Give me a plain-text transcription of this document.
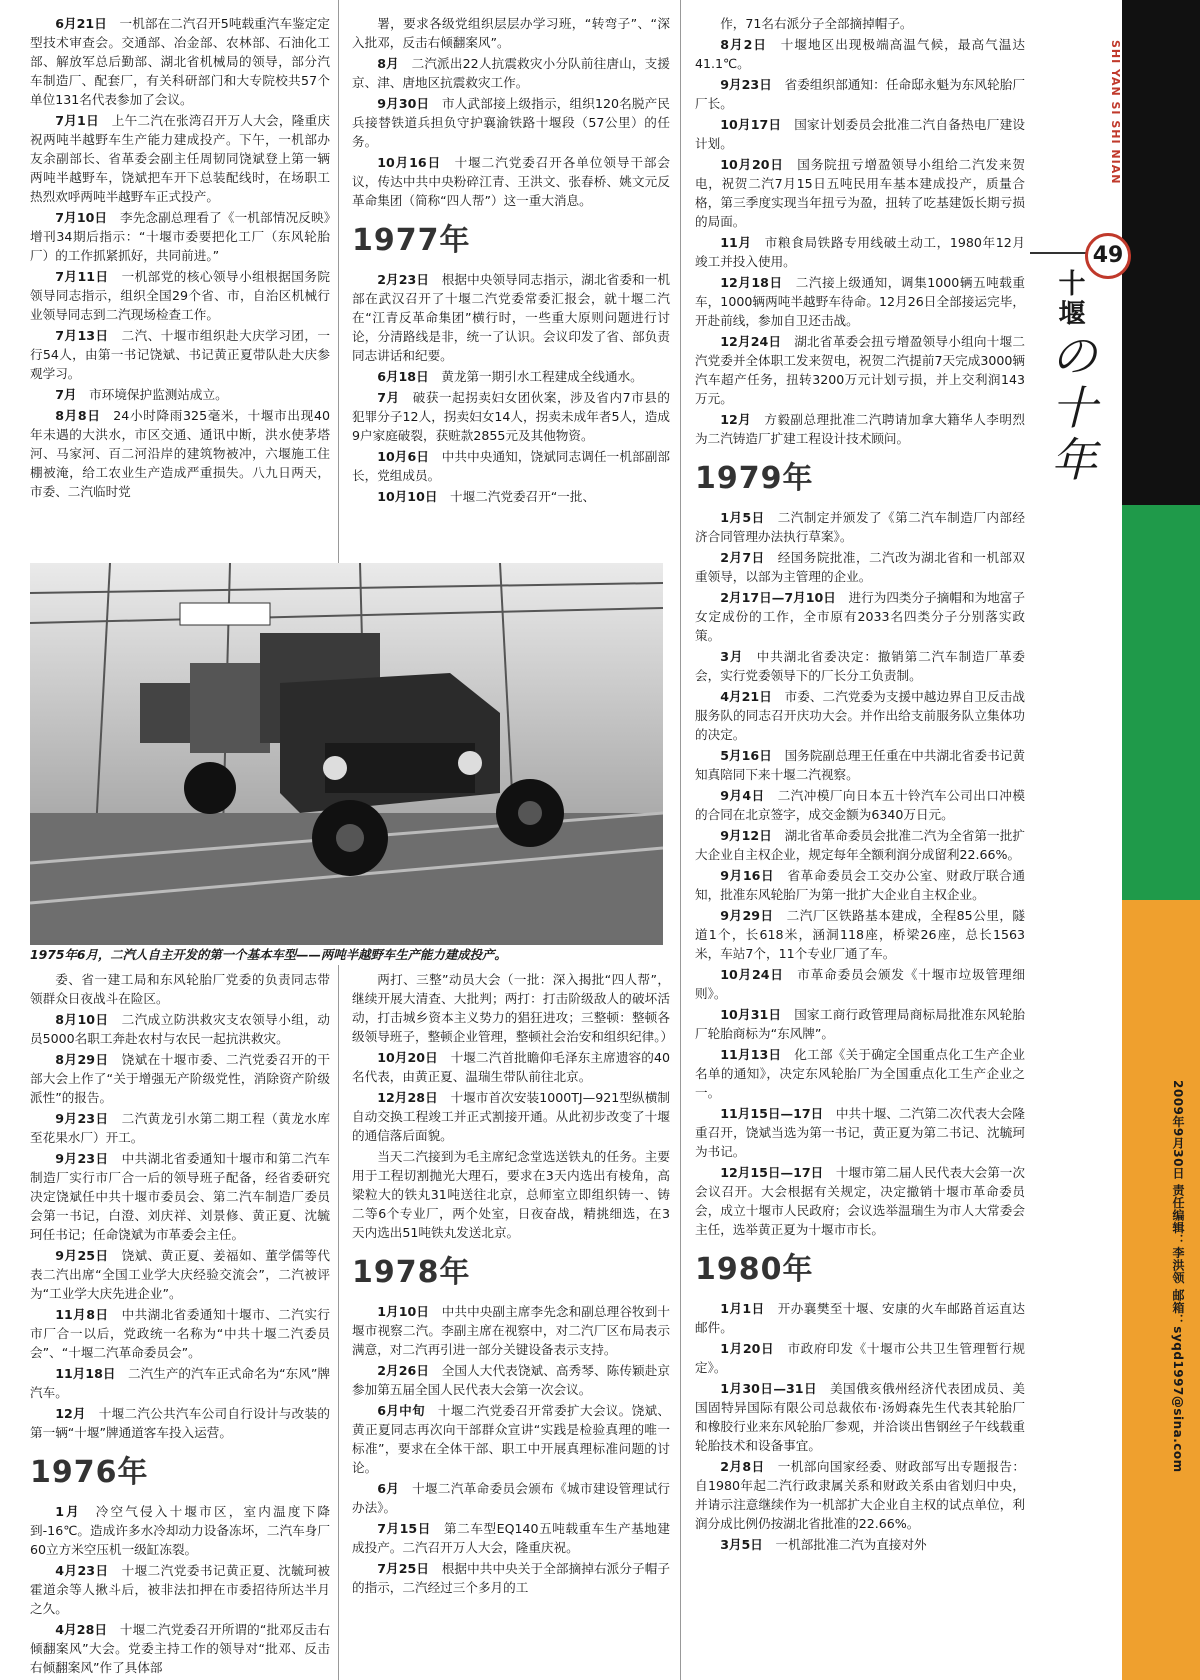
SHI YAN SI SHI NIAN
49
十堰
の十年
2009年9月30日 责任编辑：李洪领 邮箱：syqd1997@sina.com

6月21日  一机部在二汽召开5吨载重汽车鉴定定型技术审查会。交通部、冶金部、农林部、石油化工部、解放军总后勤部、湖北省机械局的领导，部分汽车制造厂、配套厂，有关科研部门和大专院校共57个单位131名代表参加了会议。

7月1日  上午二汽在张湾召开万人大会，隆重庆祝两吨半越野车生产能力建成投产。下午，一机部办友余副部长、省革委会副主任周韧同饶斌登上第一辆两吨半越野车，饶斌把车开下总装配线时，在场职工热烈欢呼两吨半越野车正式投产。

7月10日  李先念副总理看了《一机部情况反映》增刊34期后指示：“十堰市委要把化工厂（东风轮胎厂）的工作抓紧抓好，共同前进。”

7月11日  一机部党的核心领导小组根据国务院领导同志指示，组织全国29个省、市，自治区机械行业领导同志到二汽现场检查工作。

7月13日  二汽、十堰市组织赴大庆学习团，一行54人，由第一书记饶斌、书记黄正夏带队赴大庆参观学习。

7月  市环境保护监测站成立。

8月8日  24小时降雨325毫米，十堰市出现40年未遇的大洪水，市区交通、通讯中断，洪水使茅塔河、马家河、百二河沿岸的建筑物被冲，六堰施工住棚被淹，给工农业生产造成严重损失。八九日两天，市委、二汽临时党

署，要求各级党组织层层办学习班，“转弯子”、“深入批邓，反击右倾翻案风”。

8月  二汽派出22人抗震救灾小分队前往唐山，支援京、津、唐地区抗震救灾工作。

9月30日  市人武部接上级指示，组织120名脱产民兵接替铁道兵担负守护襄渝铁路十堰段（57公里）的任务。

10月16日  十堰二汽党委召开各单位领导干部会议，传达中共中央粉碎江青、王洪文、张春桥、姚文元反革命集团（简称“四人帮”）这一重大消息。

1977年

2月23日  根据中央领导同志指示，湖北省委和一机部在武汉召开了十堰二汽党委常委汇报会，就十堰二汽在“江青反革命集团”横行时，一些重大原则问题进行讨论，分清路线是非，统一了认识。会议印发了省、部负责同志讲话和纪要。

6月18日  黄龙第一期引水工程建成全线通水。

7月  破获一起拐卖妇女团伙案，涉及省内7市县的犯罪分子12人，拐卖妇女14人，拐卖未成年者5人，造成9户家庭破裂，获赃款2855元及其他物资。

10月6日  中共中央通知，饶斌同志调任一机部副部长，党组成员。

10月10日  十堰二汽党委召开“一批、

作，71名右派分子全部摘掉帽子。

8月2日  十堰地区出现极端高温气候，最高气温达41.1℃。

9月23日  省委组织部通知：任命邸永魁为东风轮胎厂厂长。

10月17日  国家计划委员会批准二汽自备热电厂建设计划。

10月20日  国务院扭亏增盈领导小组给二汽发来贺电，祝贺二汽7月15日五吨民用车基本建成投产，质量合格，第三季度实现当年扭亏为盈，扭转了吃基建饭长期亏损的局面。

11月  市粮食局铁路专用线破土动工，1980年12月竣工并投入使用。

12月18日  二汽接上级通知，调集1000辆五吨载重车，1000辆两吨半越野车待命。12月26日全部接运完毕，开赴前线，参加自卫还击战。

12月24日  湖北省革委会扭亏增盈领导小组向十堰二汽党委并全体职工发来贺电，祝贺二汽提前7天完成3000辆汽车超产任务，扭转3200万元计划亏损，并上交利润143万元。

12月  方毅副总理批准二汽聘请加拿大籍华人李明烈为二汽铸造厂扩建工程设计技术顾问。

1979年

1月5日  二汽制定并颁发了《第二汽车制造厂内部经济合同管理办法执行草案》。

2月7日  经国务院批准，二汽改为湖北省和一机部双重领导，以部为主管理的企业。

2月17日—7月10日  进行为四类分子摘帽和为地富子女定成份的工作，全市原有2033名四类分子分别落实政策。

3月  中共湖北省委决定：撤销第二汽车制造厂革委会，实行党委领导下的厂长分工负责制。

4月21日  市委、二汽党委为支援中越边界自卫反击战服务队的同志召开庆功大会。并作出给支前服务队立集体功的决定。

5月16日  国务院副总理王任重在中共湖北省委书记黄知真陪同下来十堰二汽视察。

9月4日  二汽冲模厂向日本五十铃汽车公司出口冲模的合同在北京签字，成交金额为6340万日元。

9月12日  湖北省革命委员会批准二汽为全省第一批扩大企业自主权企业，规定每年全额利润分成留利22.66%。

9月16日  省革命委员会工交办公室、财政厅联合通知，批准东风轮胎厂为第一批扩大企业自主权企业。

9月29日  二汽厂区铁路基本建成，全程85公里，隧道1个，长618米，涵洞118座，桥梁26座，总长1563米，车站7个，11个专业厂通了车。

10月24日  市革命委员会颁发《十堰市垃圾管理细则》。

10月31日  国家工商行政管理局商标局批准东风轮胎厂轮胎商标为“东风牌”。

11月13日  化工部《关于确定全国重点化工生产企业名单的通知》，决定东风轮胎厂为全国重点化工生产企业之一。

11月15日—17日  中共十堰、二汽第二次代表大会隆重召开，饶斌当选为第一书记，黄正夏为第二书记、沈毓珂为书记。

12月15日—17日  十堰市第二届人民代表大会第一次会议召开。大会根据有关规定，决定撤销十堰市革命委员会，成立十堰市人民政府；会议选举温瑞生为市人大常委会主任，选举黄正夏为十堰市市长。

1980年

1月1日  开办襄樊至十堰、安康的火车邮路首运直达邮件。

1月20日  市政府印发《十堰市公共卫生管理暂行规定》。

1月30日—31日  美国俄亥俄州经济代表团成员、美国固特异国际有限公司总裁依布·汤姆森先生代表其轮胎厂和橡胶行业来东风轮胎厂参观，并洽谈出售钢丝子午线载重轮胎技术和设备事宜。

2月8日  一机部向国家经委、财政部写出专题报告：自1980年起二汽行政隶属关系和财政关系由省划归中央，并请示注意继续作为一机部扩大企业自主权的试点单位，利润分成比例仍按湖北省批准的22.66%。

3月5日  一机部批准二汽为直接对外

1975年6月，二汽人自主开发的第一个基本车型——两吨半越野车生产能力建成投产。

委、省一建工局和东风轮胎厂党委的负责同志带领群众日夜战斗在险区。

8月10日  二汽成立防洪救灾支农领导小组，动员5000名职工奔赴农村与农民一起抗洪救灾。

8月29日  饶斌在十堰市委、二汽党委召开的干部大会上作了“关于增强无产阶级党性，消除资产阶级派性”的报告。

9月23日  二汽黄龙引水第二期工程（黄龙水库至花果水厂）开工。

9月23日  中共湖北省委通知十堰市和第二汽车制造厂实行市厂合一后的领导班子配备，经省委研究决定饶斌任中共十堰市委员会、第二汽车制造厂委员会第一书记，白澄、刘庆祥、刘景修、黄正夏、沈毓珂任书记；任命饶斌为市革委会主任。

9月25日  饶斌、黄正夏、姜福如、董学儒等代表二汽出席“全国工业学大庆经验交流会”，二汽被评为“工业学大庆先进企业”。

11月8日  中共湖北省委通知十堰市、二汽实行市厂合一以后，党政统一名称为“中共十堰二汽委员会”、“十堰二汽革命委员会”。

11月18日  二汽生产的汽车正式命名为“东风”牌汽车。

12月  十堰二汽公共汽车公司自行设计与改装的第一辆“十堰”牌通道客车投入运营。

1976年

1月  冷空气侵入十堰市区，室内温度下降到-16℃。造成许多水冷却动力设备冻坏，二汽车身厂60立方米空压机一级缸冻裂。

4月23日  十堰二汽党委书记黄正夏、沈毓珂被霍道余等人揪斗后，被非法扣押在市委招待所达半月之久。

4月28日  十堰二汽党委召开所谓的“批邓反击右倾翻案风”大会。党委主持工作的领导对“批邓、反击右倾翻案风”作了具体部

两打、三整”动员大会（一批：深入揭批“四人帮”，继续开展大清查、大批判；两打：打击阶级敌人的破坏活动，打击城乡资本主义势力的猖狂进攻；三整顿：整顿各级领导班子，整顿企业管理，整顿社会治安和组织纪律。）

10月20日  十堰二汽首批瞻仰毛泽东主席遗容的40名代表，由黄正夏、温瑞生带队前往北京。

12月28日  十堰市首次安装1000TJ—921型纵横制自动交换工程竣工并正式割接开通。从此初步改变了十堰的通信落后面貌。

当天二汽接到为毛主席纪念堂选送铁丸的任务。主要用于工程切割抛光大理石，要求在3天内选出有棱角，高梁粒大的铁丸31吨送往北京，总师室立即组织铸一、铸二等6个专业厂，两个处室，日夜奋战，精挑细选，在3天内选出51吨铁丸发送北京。

1978年

1月10日  中共中央副主席李先念和副总理谷牧到十堰市视察二汽。李副主席在视察中，对二汽厂区布局表示满意，对二汽再引进一部分关键设备表示支持。

2月26日  全国人大代表饶斌、高秀琴、陈传颖赴京参加第五届全国人民代表大会第一次会议。

6月中旬  十堰二汽党委召开常委扩大会议。饶斌、黄正夏同志再次向干部群众宣讲“实践是检验真理的唯一标准”，要求在全体干部、职工中开展真理标准问题的讨论。

6月  十堰二汽革命委员会颁布《城市建设管理试行办法》。

7月15日  第二车型EQ140五吨载重车生产基地建成投产。二汽召开万人大会，隆重庆祝。

7月25日  根据中共中央关于全部摘掉右派分子帽子的指示，二汽经过三个多月的工
